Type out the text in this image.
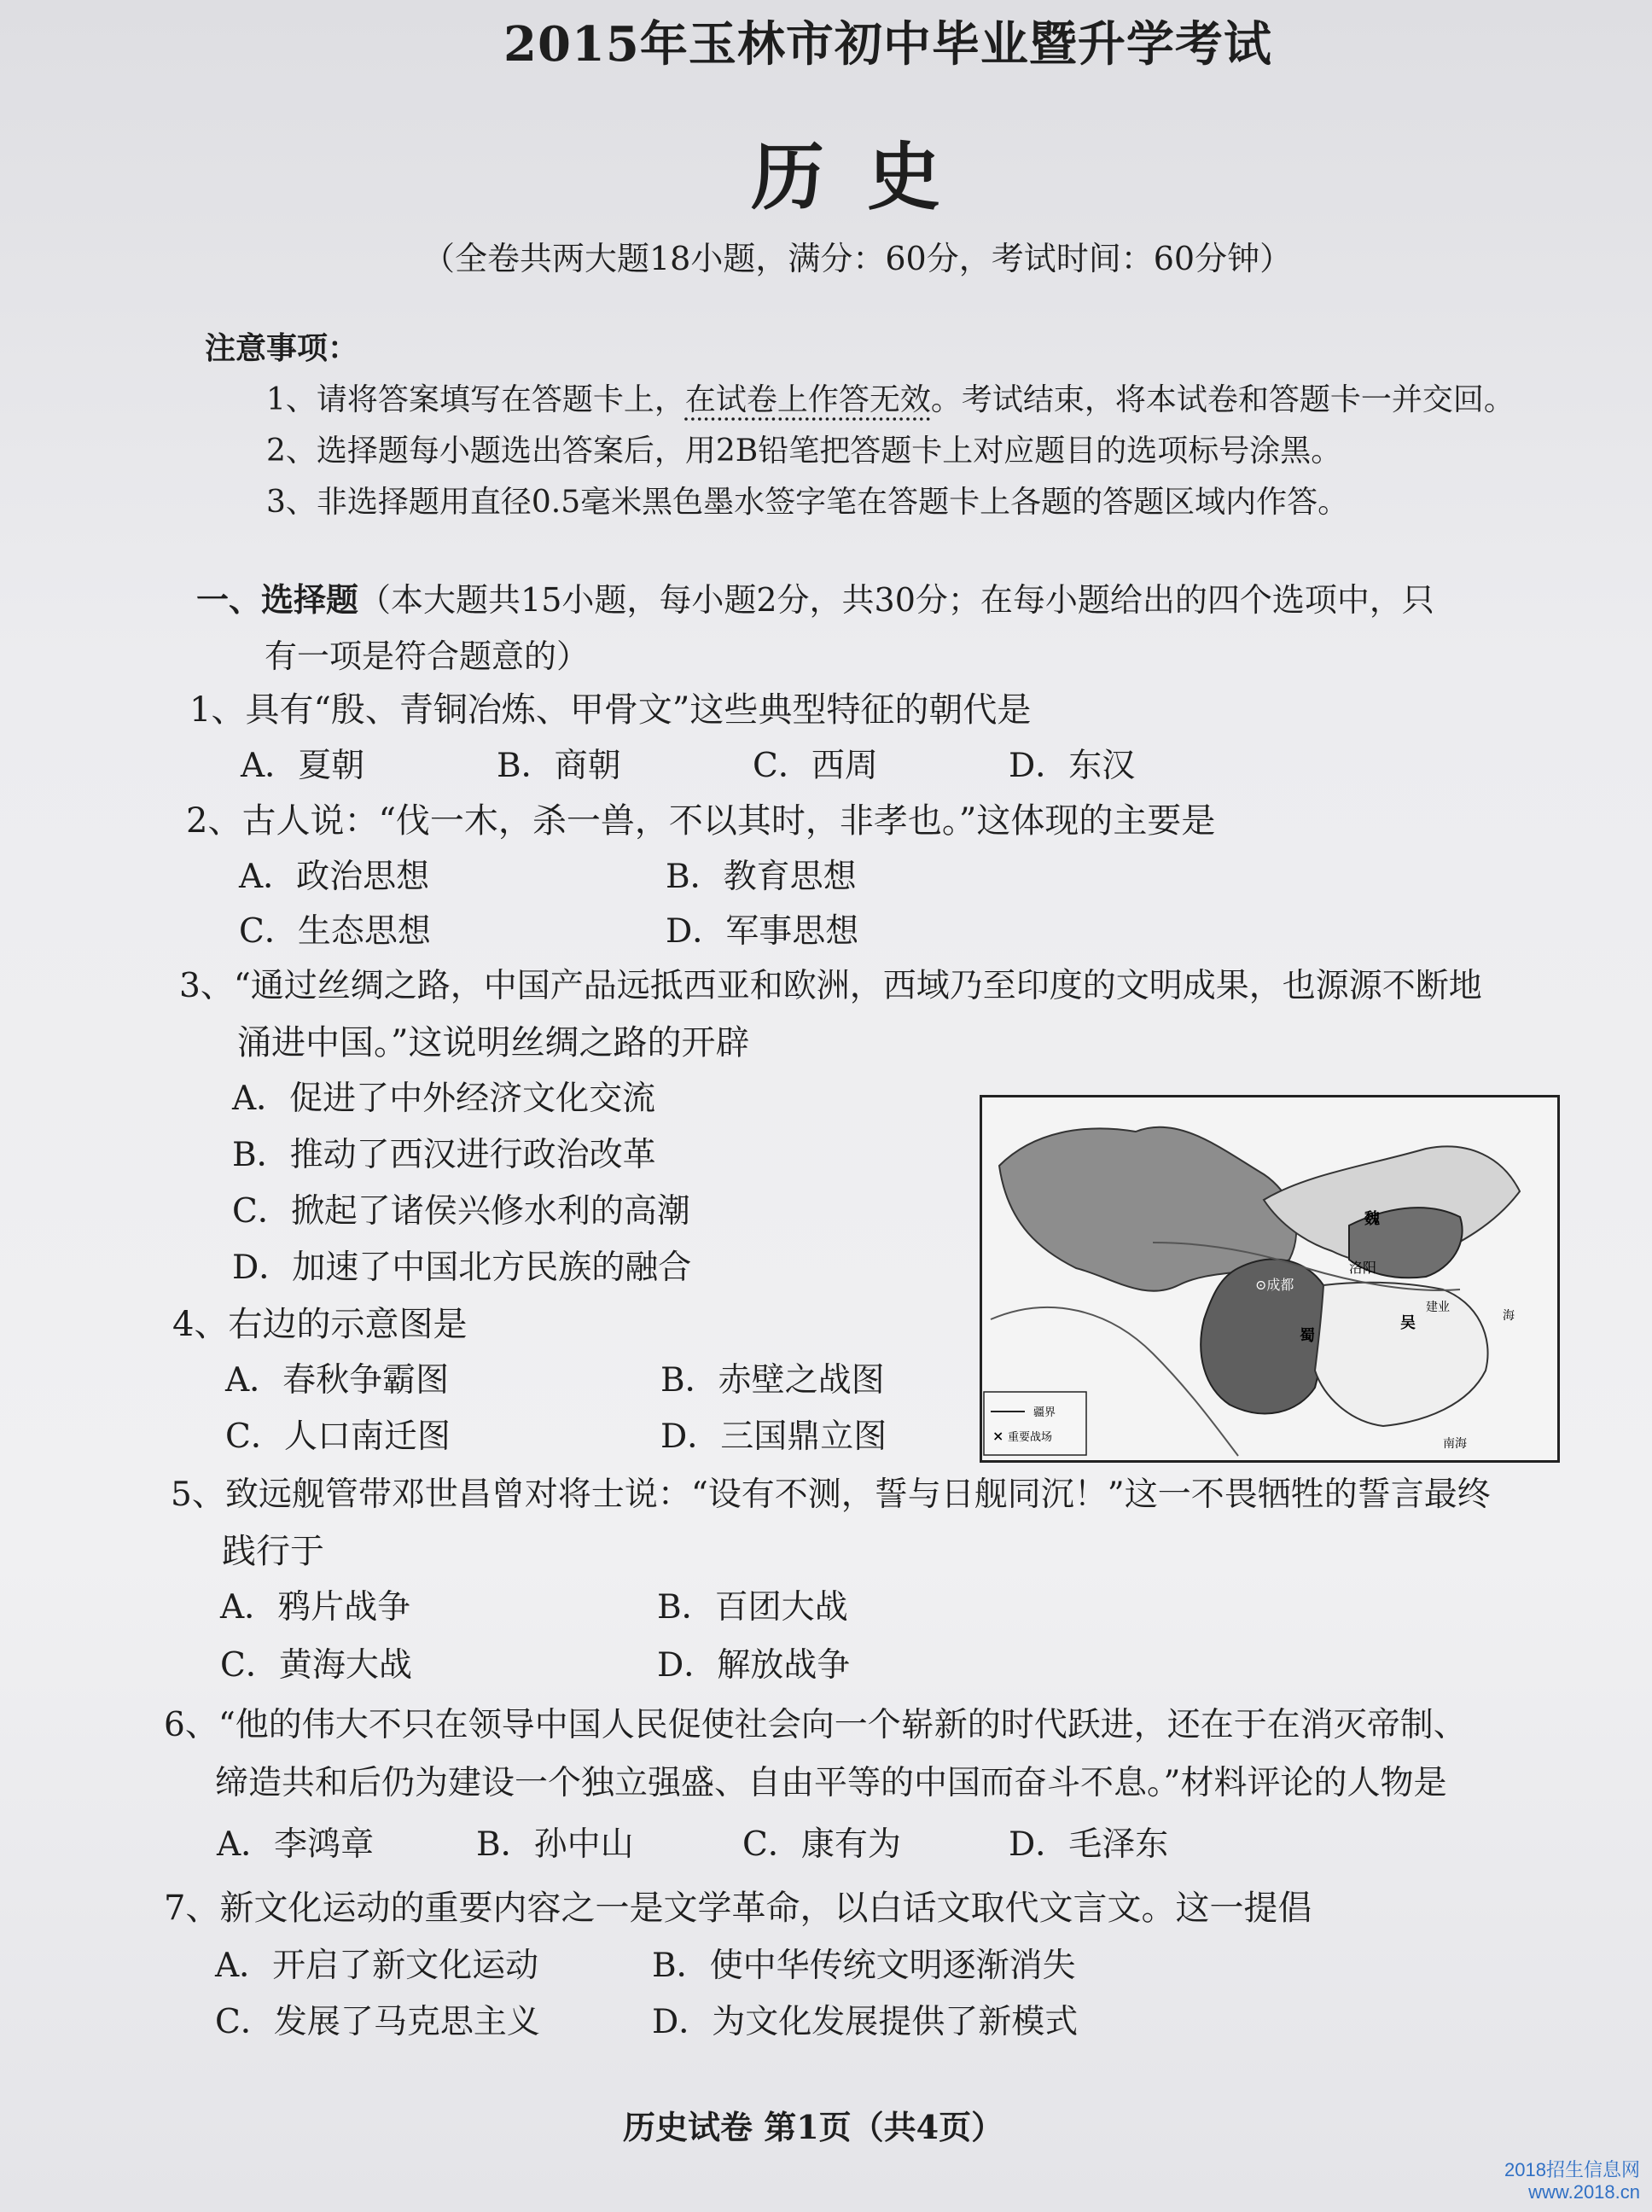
2015年玉林市初中毕业暨升学考试
历史
（全卷共两大题18小题，满分：60分，考试时间：60分钟）
注意事项：
1、请将答案填写在答题卡上，在试卷上作答无效。考试结束，将本试卷和答题卡一并交回。
2、选择题每小题选出答案后，用2B铅笔把答题卡上对应题目的选项标号涂黑。
3、非选择题用直径0.5毫米黑色墨水签字笔在答题卡上各题的答题区域内作答。
一、选择题（本大题共15小题，每小题2分，共30分；在每小题给出的四个选项中，只
有一项是符合题意的）
1、具有“殷、青铜冶炼、甲骨文”这些典型特征的朝代是
A．夏朝	B．商朝	C．西周	D．东汉
2、古人说：“伐一木，杀一兽，不以其时，非孝也。”这体现的主要是
A．政治思想	B．教育思想
C．生态思想	D．军事思想
3、“通过丝绸之路，中国产品远抵西亚和欧洲，西域乃至印度的文明成果，也源源不断地
涌进中国。”这说明丝绸之路的开辟
A．促进了中外经济文化交流
B．推动了西汉进行政治改革
C．掀起了诸侯兴修水利的高潮
D．加速了中国北方民族的融合
4、右边的示意图是
A．春秋争霸图	B．赤壁之战图
C．人口南迁图	D．三国鼎立图
魏
洛阳
⊙成都
蜀
吴
建业
海
南海
疆界
× 重要战场
5、致远舰管带邓世昌曾对将士说：“设有不测，誓与日舰同沉！”这一不畏牺牲的誓言最终
践行于
A．鸦片战争	B．百团大战
C．黄海大战	D．解放战争
6、“他的伟大不只在领导中国人民促使社会向一个崭新的时代跃进，还在于在消灭帝制、
缔造共和后仍为建设一个独立强盛、自由平等的中国而奋斗不息。”材料评论的人物是
A．李鸿章	B．孙中山	C．康有为	D．毛泽东
7、新文化运动的重要内容之一是文学革命，以白话文取代文言文。这一提倡
A．开启了新文化运动	B．使中华传统文明逐渐消失
C．发展了马克思主义	D．为文化发展提供了新模式
历史试卷 第1页（共4页）
2018招生信息网
www.2018.cn
